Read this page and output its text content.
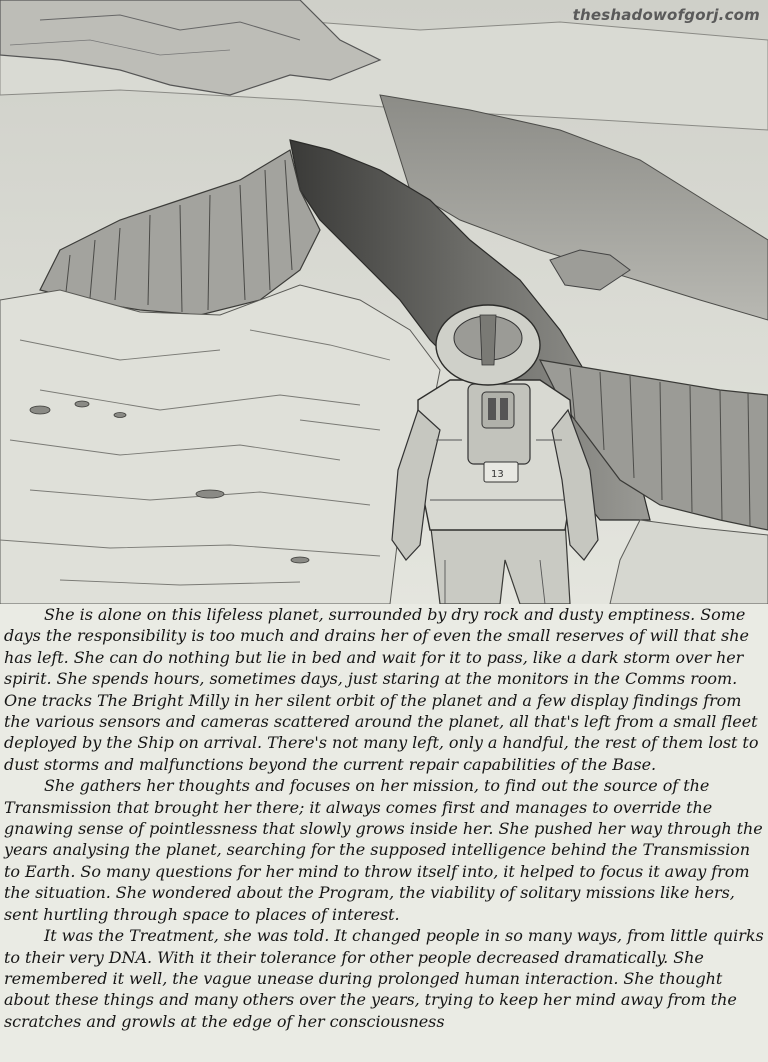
13
theshadowofgorj.com

She is alone on this lifeless planet, surrounded by dry rock and dusty emptiness. Some days the responsibility is too much and drains her of even the small reserves of will that she has left. She can do nothing but lie in bed and wait for it to pass, like a dark storm over her spirit. She spends hours, sometimes days, just staring at the monitors in the Comms room. One tracks The Bright Milly in her silent orbit of the planet and a few display findings from the various sensors and cameras scattered around the planet, all that's left from a small fleet deployed by the Ship on arrival. There's not many left, only a handful, the rest of them lost to dust storms and malfunctions beyond the current repair capabilities of the Base.

She gathers her thoughts and focuses on her mission, to find out the source of the Transmission that brought her there; it always comes first and manages to override the gnawing sense of pointlessness that slowly grows inside her. She pushed her way through the years analysing the planet, searching for the supposed intelligence behind the Transmission to Earth. So many questions for her mind to throw itself into, it helped to focus it away from the situation. She wondered about the Program, the viability of solitary missions like hers, sent hurtling through space to places of interest.

It was the Treatment, she was told. It changed people in so many ways, from little quirks to their very DNA. With it their tolerance for other people decreased dramatically. She remembered it well, the vague unease during prolonged human interaction. She thought about these things and many others over the years, trying to keep her mind away from the scratches and growls at the edge of her consciousness
